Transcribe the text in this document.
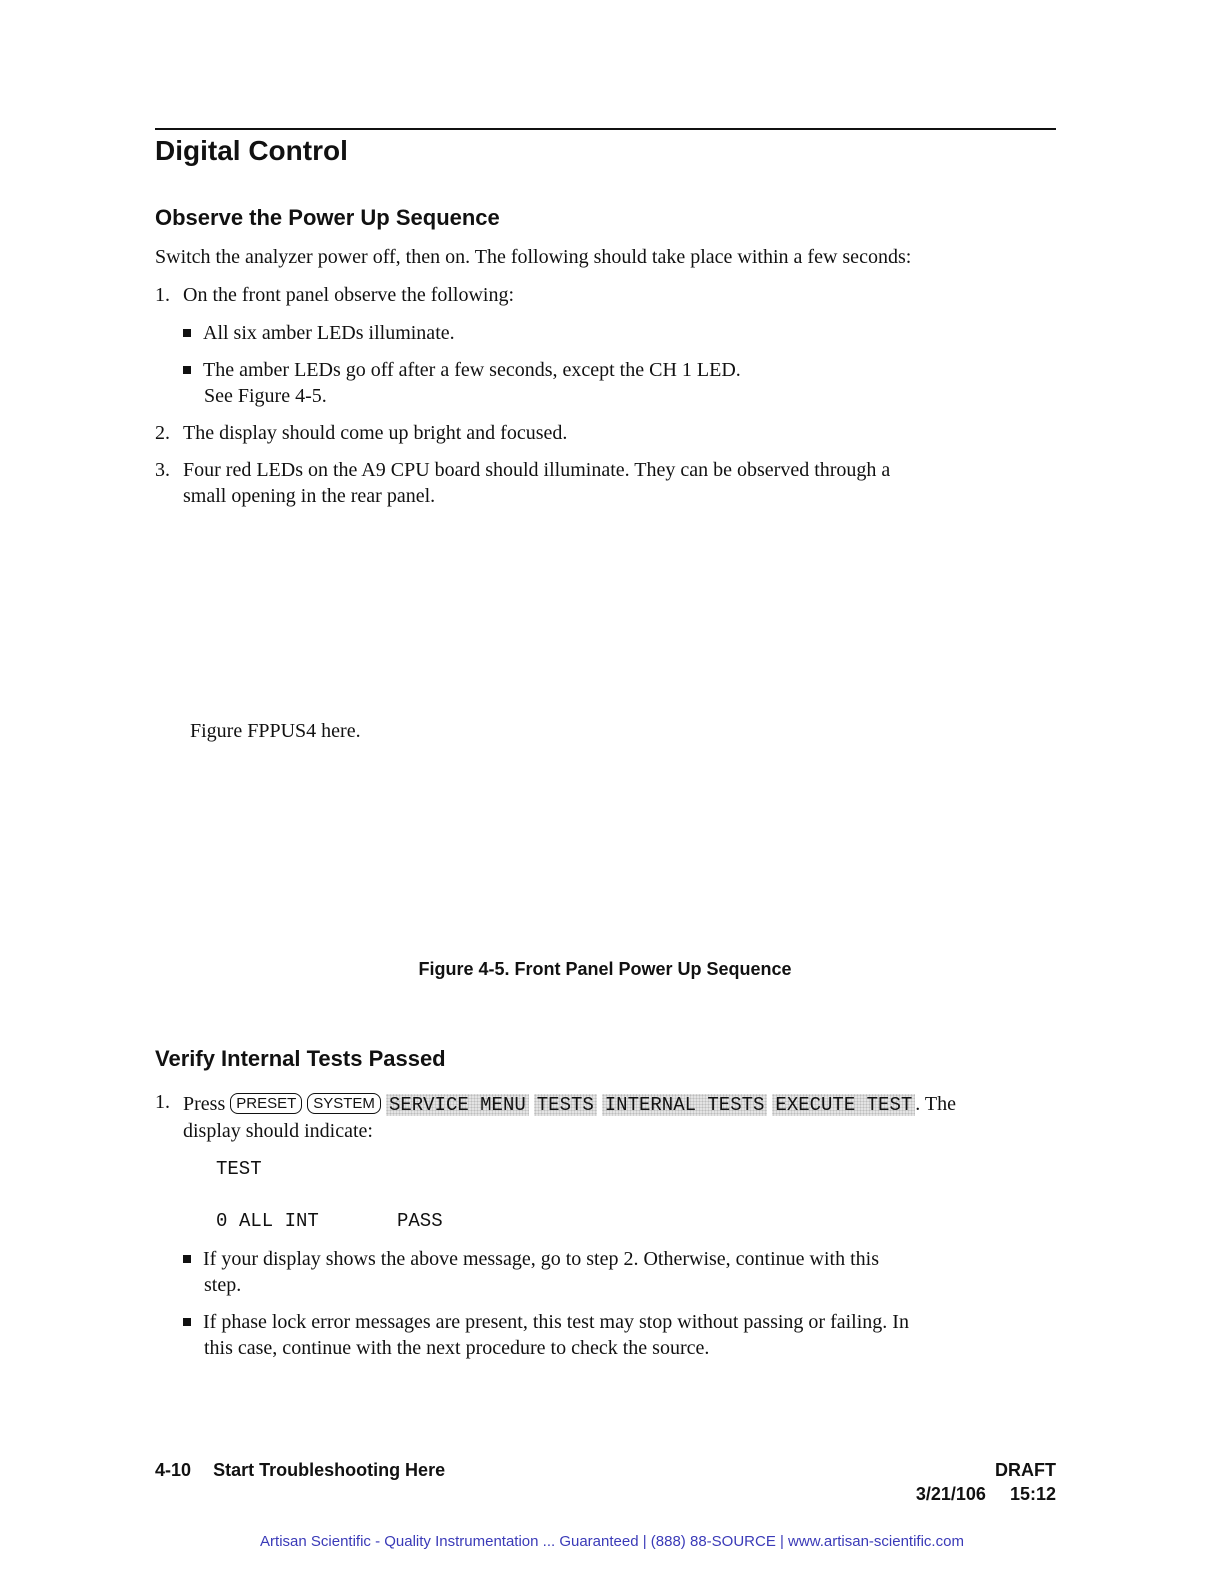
Digital Control
Observe the Power Up Sequence
Switch the analyzer power off, then on. The following should take place within a few seconds:
1. On the front panel observe the following:
All six amber LEDs illuminate.
The amber LEDs go off after a few seconds, except the CH 1 LED.
See Figure 4-5.
2. The display should come up bright and focused.
3. Four red LEDs on the A9 CPU board should illuminate. They can be observed through a
small opening in the rear panel.
Figure FPPUS4 here.
Figure 4-5. Front Panel Power Up Sequence
Verify Internal Tests Passed
1. Press PRESET SYSTEM SERVICE MENU TESTS INTERNAL TESTS EXECUTE TEST . The
display should indicate:
TEST
0 ALL INT	PASS
If your display shows the above message, go to step 2. Otherwise, continue with this
step.
If phase lock error messages are present, this test may stop without passing or failing. In
this case, continue with the next procedure to check the source.
4-10 Start Troubleshooting Here	DRAFT
3/21/106 15:12
Artisan Scientific - Quality Instrumentation ... Guaranteed | (888) 88-SOURCE | www.artisan-scientific.com
